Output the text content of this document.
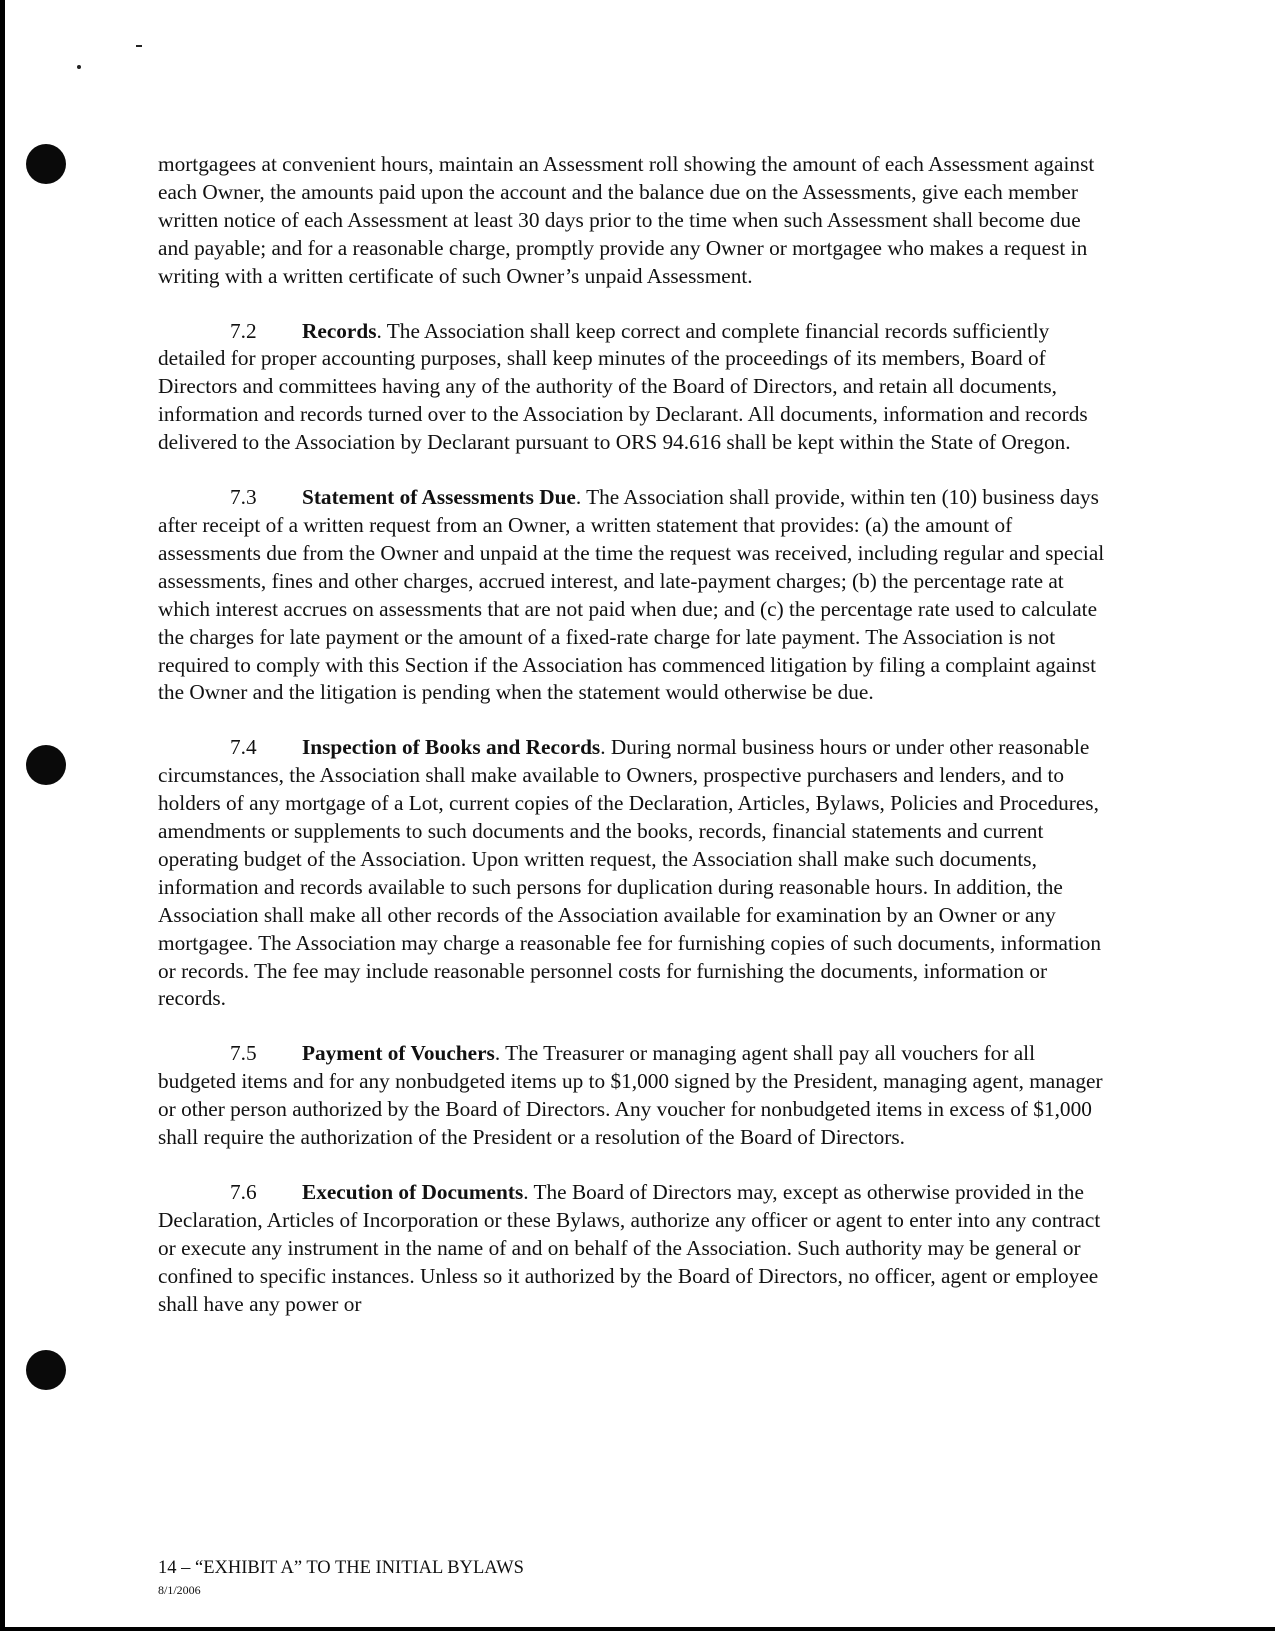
mortgagees at convenient hours, maintain an Assessment roll showing the amount of each Assessment against each Owner, the amounts paid upon the account and the balance due on the Assessments, give each member written notice of each Assessment at least 30 days prior to the time when such Assessment shall become due and payable; and for a reasonable charge, promptly provide any Owner or mortgagee who makes a request in writing with a written certificate of such Owner’s unpaid Assessment.

7.2 Records. The Association shall keep correct and complete financial records sufficiently detailed for proper accounting purposes, shall keep minutes of the proceedings of its members, Board of Directors and committees having any of the authority of the Board of Directors, and retain all documents, information and records turned over to the Association by Declarant. All documents, information and records delivered to the Association by Declarant pursuant to ORS 94.616 shall be kept within the State of Oregon.

7.3 Statement of Assessments Due. The Association shall provide, within ten (10) business days after receipt of a written request from an Owner, a written statement that provides: (a) the amount of assessments due from the Owner and unpaid at the time the request was received, including regular and special assessments, fines and other charges, accrued interest, and late-payment charges; (b) the percentage rate at which interest accrues on assessments that are not paid when due; and (c) the percentage rate used to calculate the charges for late payment or the amount of a fixed-rate charge for late payment. The Association is not required to comply with this Section if the Association has commenced litigation by filing a complaint against the Owner and the litigation is pending when the statement would otherwise be due.

7.4 Inspection of Books and Records. During normal business hours or under other reasonable circumstances, the Association shall make available to Owners, prospective purchasers and lenders, and to holders of any mortgage of a Lot, current copies of the Declaration, Articles, Bylaws, Policies and Procedures, amendments or supplements to such documents and the books, records, financial statements and current operating budget of the Association. Upon written request, the Association shall make such documents, information and records available to such persons for duplication during reasonable hours. In addition, the Association shall make all other records of the Association available for examination by an Owner or any mortgagee. The Association may charge a reasonable fee for furnishing copies of such documents, information or records. The fee may include reasonable personnel costs for furnishing the documents, information or records.

7.5 Payment of Vouchers. The Treasurer or managing agent shall pay all vouchers for all budgeted items and for any nonbudgeted items up to $1,000 signed by the President, managing agent, manager or other person authorized by the Board of Directors. Any voucher for nonbudgeted items in excess of $1,000 shall require the authorization of the President or a resolution of the Board of Directors.

7.6 Execution of Documents. The Board of Directors may, except as otherwise provided in the Declaration, Articles of Incorporation or these Bylaws, authorize any officer or agent to enter into any contract or execute any instrument in the name of and on behalf of the Association. Such authority may be general or confined to specific instances. Unless so it authorized by the Board of Directors, no officer, agent or employee shall have any power or

14 – “EXHIBIT A” TO THE INITIAL BYLAWS
8/1/2006
